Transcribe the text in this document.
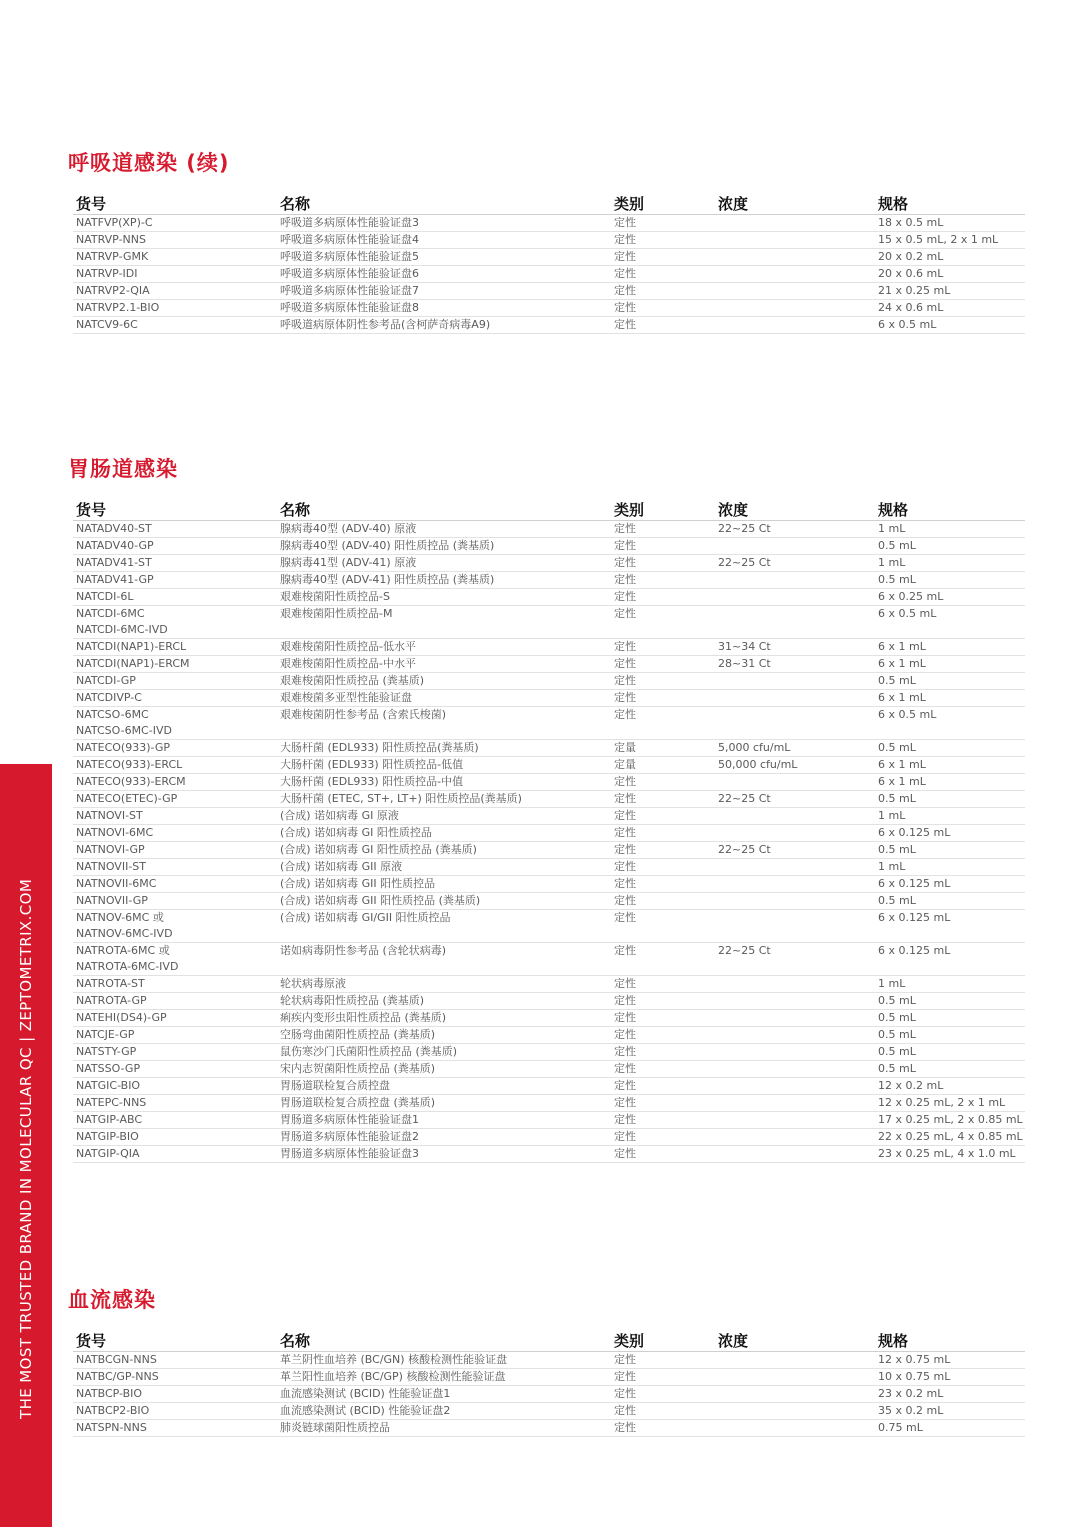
THE MOST TRUSTED BRAND IN MOLECULAR QC | ZEPTOMETRIX.COM
呼吸道感染 (续)
货号	名称	类别	浓度	规格
NATFVP(XP)-C	呼吸道多病原体性能验证盘3	定性		18 x 0.5 mL
NATRVP-NNS	呼吸道多病原体性能验证盘4	定性		15 x 0.5 mL, 2 x 1 mL
NATRVP-GMK	呼吸道多病原体性能验证盘5	定性		20 x 0.2 mL
NATRVP-IDI	呼吸道多病原体性能验证盘6	定性		20 x 0.6 mL
NATRVP2-QIA	呼吸道多病原体性能验证盘7	定性		21 x 0.25 mL
NATRVP2.1-BIO	呼吸道多病原体性能验证盘8	定性		24 x 0.6 mL
NATCV9-6C	呼吸道病原体阴性参考品(含柯萨奇病毒A9)	定性		6 x 0.5 mL
胃肠道感染
货号	名称	类别	浓度	规格
NATADV40-ST	腺病毒40型 (ADV-40) 原液	定性	22~25 Ct	1 mL
NATADV40-GP	腺病毒40型 (ADV-40) 阳性质控品 (粪基质)	定性		0.5 mL
NATADV41-ST	腺病毒41型 (ADV-41) 原液	定性	22~25 Ct	1 mL
NATADV41-GP	腺病毒40型 (ADV-41) 阳性质控品 (粪基质)	定性		0.5 mL
NATCDI-6L	艰难梭菌阳性质控品-S	定性		6 x 0.25 mL

NATCDI-6MC
NATCDI-6MC-IVD	艰难梭菌阳性质控品-M	定性		6 x 0.5 mL
NATCDI(NAP1)-ERCL	艰难梭菌阳性质控品-低水平	定性	31~34 Ct	6 x 1 mL
NATCDI(NAP1)-ERCM	艰难梭菌阳性质控品-中水平	定性	28~31 Ct	6 x 1 mL
NATCDI-GP	艰难梭菌阳性质控品 (粪基质)	定性		0.5 mL
NATCDIVP-C	艰难梭菌多亚型性能验证盘	定性		6 x 1 mL

NATCSO-6MC
NATCSO-6MC-IVD	艰难梭菌阴性参考品 (含索氏梭菌)	定性		6 x 0.5 mL
NATECO(933)-GP	大肠杆菌 (EDL933) 阳性质控品(粪基质)	定量	5,000 cfu/mL	0.5 mL
NATECO(933)-ERCL	大肠杆菌 (EDL933) 阳性质控品-低值	定量	50,000 cfu/mL	6 x 1 mL
NATECO(933)-ERCM	大肠杆菌 (EDL933) 阳性质控品-中值	定性		6 x 1 mL
NATECO(ETEC)-GP	大肠杆菌 (ETEC, ST+, LT+) 阳性质控品(粪基质)	定性	22~25 Ct	0.5 mL
NATNOVI-ST	(合成) 诺如病毒 GI 原液	定性		1 mL
NATNOVI-6MC	(合成) 诺如病毒 GI 阳性质控品	定性		6 x 0.125 mL
NATNOVI-GP	(合成) 诺如病毒 GI 阳性质控品 (粪基质)	定性	22~25 Ct	0.5 mL
NATNOVII-ST	(合成) 诺如病毒 GII 原液	定性		1 mL
NATNOVII-6MC	(合成) 诺如病毒 GII 阳性质控品	定性		6 x 0.125 mL
NATNOVII-GP	(合成) 诺如病毒 GII 阳性质控品 (粪基质)	定性		0.5 mL

NATNOV-6MC 或
NATNOV-6MC-IVD	(合成) 诺如病毒 GI/GII 阳性质控品	定性		6 x 0.125 mL

NATROTA-6MC 或
NATROTA-6MC-IVD	诺如病毒阴性参考品 (含轮状病毒)	定性	22~25 Ct	6 x 0.125 mL
NATROTA-ST	轮状病毒原液	定性		1 mL
NATROTA-GP	轮状病毒阳性质控品 (粪基质)	定性		0.5 mL
NATEHI(DS4)-GP	痢疾内变形虫阳性质控品 (粪基质)	定性		0.5 mL
NATCJE-GP	空肠弯曲菌阳性质控品 (粪基质)	定性		0.5 mL
NATSTY-GP	鼠伤寒沙门氏菌阳性质控品 (粪基质)	定性		0.5 mL
NATSSO-GP	宋内志贺菌阳性质控品 (粪基质)	定性		0.5 mL
NATGIC-BIO	胃肠道联检复合质控盘	定性		12 x 0.2 mL
NATEPC-NNS	胃肠道联检复合质控盘 (粪基质)	定性		12 x 0.25 mL, 2 x 1 mL
NATGIP-ABC	胃肠道多病原体性能验证盘1	定性		17 x 0.25 mL, 2 x 0.85 mL
NATGIP-BIO	胃肠道多病原体性能验证盘2	定性		22 x 0.25 mL, 4 x 0.85 mL
NATGIP-QIA	胃肠道多病原体性能验证盘3	定性		23 x 0.25 mL, 4 x 1.0 mL
血流感染
货号	名称	类别	浓度	规格
NATBCGN-NNS	革兰阴性血培养 (BC/GN) 核酸检测性能验证盘	定性		12 x 0.75 mL
NATBC/GP-NNS	革兰阳性血培养 (BC/GP) 核酸检测性能验证盘	定性		10 x 0.75 mL
NATBCP-BIO	血流感染测试 (BCID) 性能验证盘1	定性		23 x 0.2 mL
NATBCP2-BIO	血流感染测试 (BCID) 性能验证盘2	定性		35 x 0.2 mL
NATSPN-NNS	肺炎链球菌阳性质控品	定性		0.75 mL
